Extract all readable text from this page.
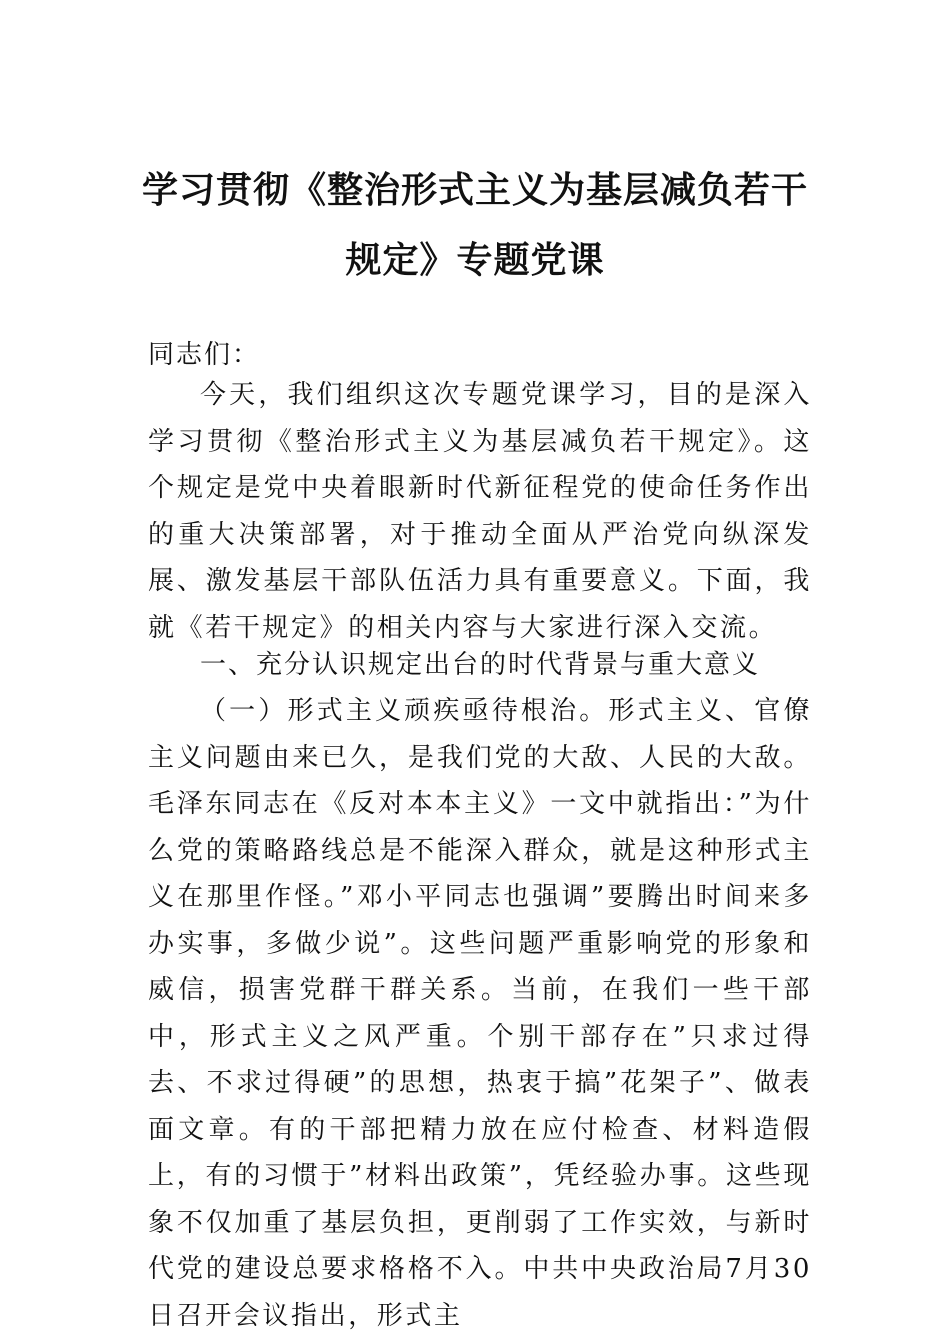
学习贯彻《整治形式主义为基层减负若干
规定》专题党课
同志们：
今天，我们组织这次专题党课学习，目的是深入学习贯彻《整治形式主义为基层减负若干规定》。这个规定是党中央着眼新时代新征程党的使命任务作出的重大决策部署，对于推动全面从严治党向纵深发展、激发基层干部队伍活力具有重要意义。下面，我就《若干规定》的相关内容与大家进行深入交流。
一、充分认识规定出台的时代背景与重大意义
（一）形式主义顽疾亟待根治。形式主义、官僚主义问题由来已久，是我们党的大敌、人民的大敌。毛泽东同志在《反对本本主义》一文中就指出：”为什么党的策略路线总是不能深入群众，就是这种形式主义在那里作怪。”邓小平同志也强调”要腾出时间来多办实事，多做少说”。这些问题严重影响党的形象和威信，损害党群干群关系。当前，在我们一些干部中，形式主义之风严重。个别干部存在”只求过得去、不求过得硬”的思想，热衷于搞”花架子”、做表面文章。有的干部把精力放在应付检查、材料造假上，有的习惯于”材料出政策”，凭经验办事。这些现象不仅加重了基层负担，更削弱了工作实效，与新时代党的建设总要求格格不入。中共中央政治局7月30日召开会议指出，形式主
